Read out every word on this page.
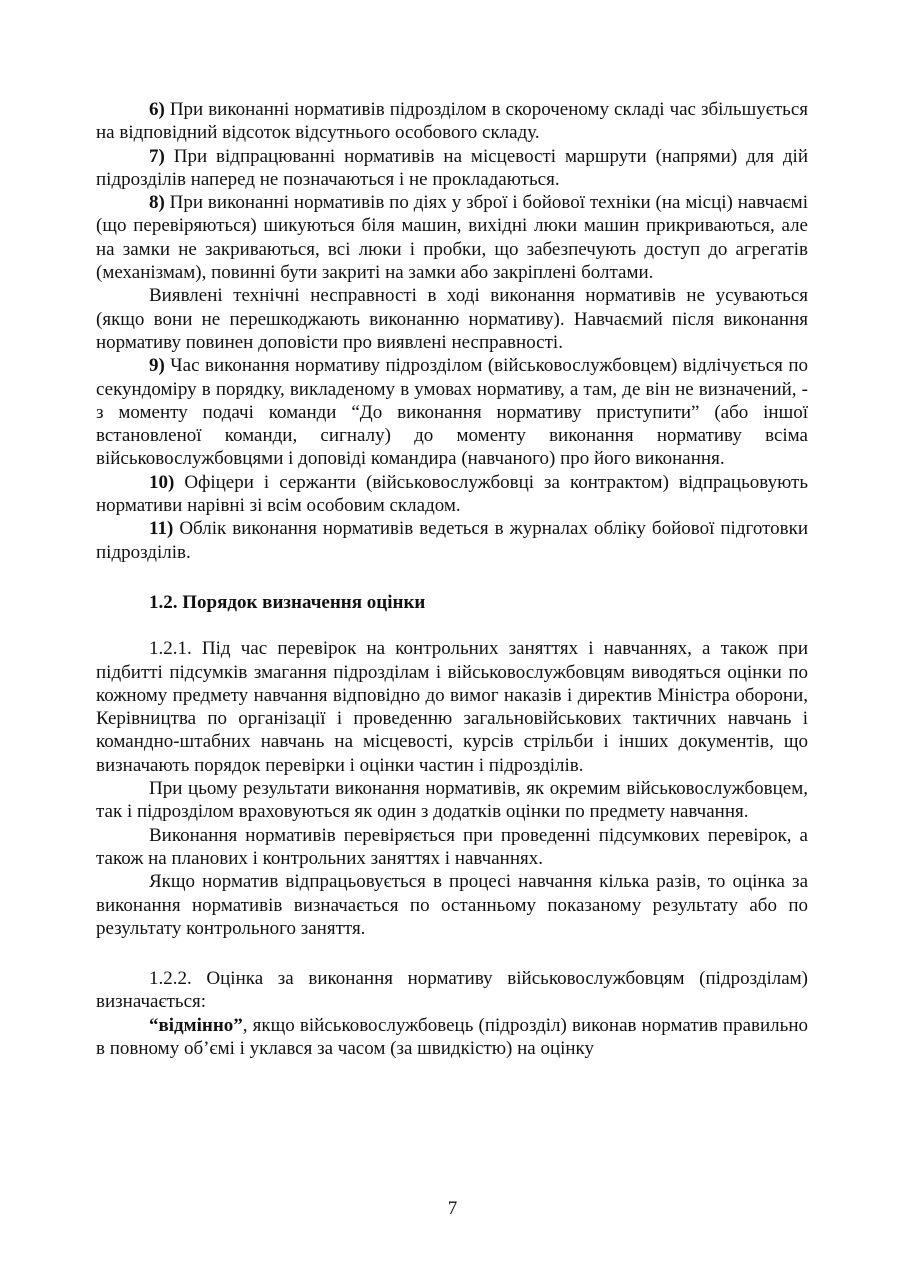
6) При виконанні нормативів підрозділом в скороченому складі час збільшується на відповідний відсоток відсутнього особового складу.

7) При відпрацюванні нормативів на місцевості маршрути (напрями) для дій підрозділів наперед не позначаються і не прокладаються.

8) При виконанні нормативів по діях у зброї і бойової техніки (на місці) навчаємі (що перевіряються) шикуються біля машин, вихідні люки машин прикриваються, але на замки не закриваються, всі люки і пробки, що забезпечують доступ до агрегатів (механізмам), повинні бути закриті на замки або закріплені болтами.

Виявлені технічні несправності в ході виконання нормативів не усуваються (якщо вони не перешкоджають виконанню нормативу). Навчаємий після виконання нормативу повинен доповісти про виявлені несправності.

9) Час виконання нормативу підрозділом (військовослужбовцем) відлічується по секундоміру в порядку, викладеному в умовах нормативу, а там, де він не визначений, - з моменту подачі команди “До виконання нормативу приступити” (або іншої встановленої команди, сигналу) до моменту виконання нормативу всіма військовослужбовцями і доповіді командира (навчаного) про його виконання.

10) Офіцери і сержанти (військовослужбовці за контрактом) відпрацьовують нормативи нарівні зі всім особовим складом.

11) Облік виконання нормативів ведеться в журналах обліку бойової підготовки підрозділів.

1.2. Порядок визначення оцінки

1.2.1. Під час перевірок на контрольних заняттях і навчаннях, а також при підбитті підсумків змагання підрозділам і військовослужбовцям виводяться оцінки по кожному предмету навчання відповідно до вимог наказів і директив Міністра оборони, Керівництва по організації і проведенню загальновійськових тактичних навчань і командно-штабних навчань на місцевості, курсів стрільби і інших документів, що визначають порядок перевірки і оцінки частин і підрозділів.

При цьому результати виконання нормативів, як окремим військовослужбовцем, так і підрозділом враховуються як один з додатків оцінки по предмету навчання.

Виконання нормативів перевіряється при проведенні підсумкових перевірок, а також на планових і контрольних заняттях і навчаннях.

Якщо норматив відпрацьовується в процесі навчання кілька разів, то оцінка за виконання нормативів визначається по останньому показаному результату або по результату контрольного заняття.

1.2.2. Оцінка за виконання нормативу військовослужбовцям (підрозділам) визначається:

“відмінно”, якщо військовослужбовець (підрозділ) виконав норматив правильно в повному об’ємі і уклався за часом (за швидкістю) на оцінку

7
